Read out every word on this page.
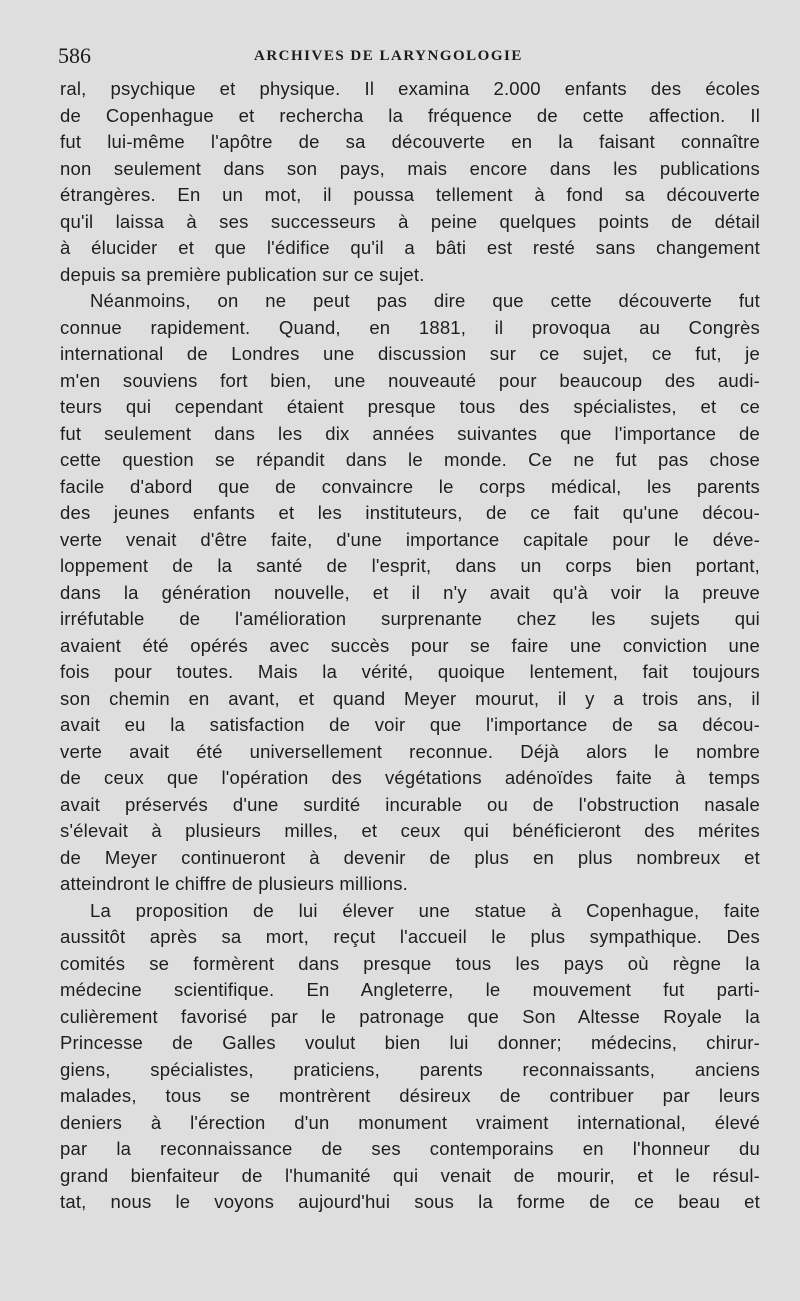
586	ARCHIVES DE LARYNGOLOGIE
ral, psychique et physique. Il examina 2.000 enfants des écoles
de Copenhague et rechercha la fréquence de cette affection. Il
fut lui-même l'apôtre de sa découverte en la faisant connaître
non seulement dans son pays, mais encore dans les publications
étrangères. En un mot, il poussa tellement à fond sa découverte
qu'il laissa à ses successeurs à peine quelques points de détail
à élucider et que l'édifice qu'il a bâti est resté sans changement
depuis sa première publication sur ce sujet.
Néanmoins, on ne peut pas dire que cette découverte fut
connue rapidement. Quand, en 1881, il provoqua au Congrès
international de Londres une discussion sur ce sujet, ce fut, je
m'en souviens fort bien, une nouveauté pour beaucoup des audi-
teurs qui cependant étaient presque tous des spécialistes, et ce
fut seulement dans les dix années suivantes que l'importance de
cette question se répandit dans le monde. Ce ne fut pas chose
facile d'abord que de convaincre le corps médical, les parents
des jeunes enfants et les instituteurs, de ce fait qu'une décou-
verte venait d'être faite, d'une importance capitale pour le déve-
loppement de la santé de l'esprit, dans un corps bien portant,
dans la génération nouvelle, et il n'y avait qu'à voir la preuve
irréfutable de l'amélioration surprenante chez les sujets qui
avaient été opérés avec succès pour se faire une conviction une
fois pour toutes. Mais la vérité, quoique lentement, fait toujours
son chemin en avant, et quand Meyer mourut, il y a trois ans, il
avait eu la satisfaction de voir que l'importance de sa décou-
verte avait été universellement reconnue. Déjà alors le nombre
de ceux que l'opération des végétations adénoïdes faite à temps
avait préservés d'une surdité incurable ou de l'obstruction nasale
s'élevait à plusieurs milles, et ceux qui bénéficieront des mérites
de Meyer continueront à devenir de plus en plus nombreux et
atteindront le chiffre de plusieurs millions.
La proposition de lui élever une statue à Copenhague, faite
aussitôt après sa mort, reçut l'accueil le plus sympathique. Des
comités se formèrent dans presque tous les pays où règne la
médecine scientifique. En Angleterre, le mouvement fut parti-
culièrement favorisé par le patronage que Son Altesse Royale la
Princesse de Galles voulut bien lui donner; médecins, chirur-
giens, spécialistes, praticiens, parents reconnaissants, anciens
malades, tous se montrèrent désireux de contribuer par leurs
deniers à l'érection d'un monument vraiment international, élevé
par la reconnaissance de ses contemporains en l'honneur du
grand bienfaiteur de l'humanité qui venait de mourir, et le résul-
tat, nous le voyons aujourd'hui sous la forme de ce beau et
